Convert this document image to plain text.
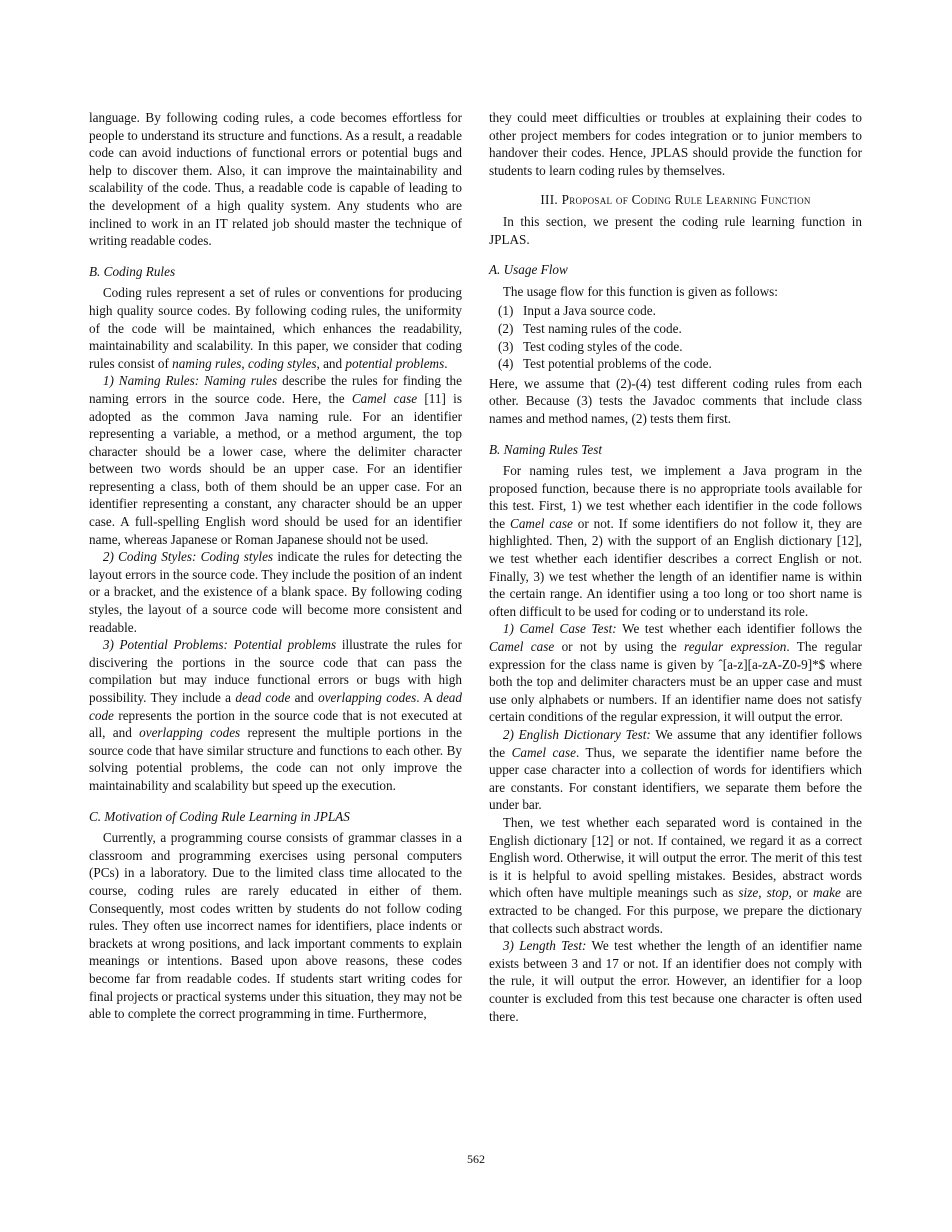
language. By following coding rules, a code becomes effortless for people to understand its structure and functions. As a result, a readable code can avoid inductions of functional errors or potential bugs and help to discover them. Also, it can improve the maintainability and scalability of the code. Thus, a readable code is capable of leading to the development of a high quality system. Any students who are inclined to work in an IT related job should master the technique of writing readable codes.

B. Coding Rules

Coding rules represent a set of rules or conventions for producing high quality source codes. By following coding rules, the uniformity of the code will be maintained, which enhances the readability, maintainability and scalability. In this paper, we consider that coding rules consist of naming rules, coding styles, and potential problems.

1) Naming Rules: Naming rules describe the rules for finding the naming errors in the source code. Here, the Camel case [11] is adopted as the common Java naming rule. For an identifier representing a variable, a method, or a method argument, the top character should be a lower case, where the delimiter character between two words should be an upper case. For an identifier representing a class, both of them should be an upper case. For an identifier representing a constant, any character should be an upper case. A full-spelling English word should be used for an identifier name, whereas Japanese or Roman Japanese should not be used.

2) Coding Styles: Coding styles indicate the rules for detecting the layout errors in the source code. They include the position of an indent or a bracket, and the existence of a blank space. By following coding styles, the layout of a source code will become more consistent and readable.

3) Potential Problems: Potential problems illustrate the rules for discivering the portions in the source code that can pass the compilation but may induce functional errors or bugs with high possibility. They include a dead code and overlapping codes. A dead code represents the portion in the source code that is not executed at all, and overlapping codes represent the multiple portions in the source code that have similar structure and functions to each other. By solving potential problems, the code can not only improve the maintainability and scalability but speed up the execution.

C. Motivation of Coding Rule Learning in JPLAS

Currently, a programming course consists of grammar classes in a classroom and programming exercises using personal computers (PCs) in a laboratory. Due to the limited class time allocated to the course, coding rules are rarely educated in either of them. Consequently, most codes written by students do not follow coding rules. They often use incorrect names for identifiers, place indents or brackets at wrong positions, and lack important comments to explain meanings or intentions. Based upon above reasons, these codes become far from readable codes. If students start writing codes for final projects or practical systems under this situation, they may not be able to complete the correct programming in time. Furthermore,

they could meet difficulties or troubles at explaining their codes to other project members for codes integration or to junior members to handover their codes. Hence, JPLAS should provide the function for students to learn coding rules by themselves.

III. Proposal of Coding Rule Learning Function

In this section, we present the coding rule learning function in JPLAS.

A. Usage Flow

The usage flow for this function is given as follows:

(1) Input a Java source code.
(2) Test naming rules of the code.
(3) Test coding styles of the code.
(4) Test potential problems of the code.

Here, we assume that (2)-(4) test different coding rules from each other. Because (3) tests the Javadoc comments that include class names and method names, (2) tests them first.

B. Naming Rules Test

For naming rules test, we implement a Java program in the proposed function, because there is no appropriate tools available for this test. First, 1) we test whether each identifier in the code follows the Camel case or not. If some identifiers do not follow it, they are highlighted. Then, 2) with the support of an English dictionary [12], we test whether each identifier describes a correct English or not. Finally, 3) we test whether the length of an identifier name is within the certain range. An identifier using a too long or too short name is often difficult to be used for coding or to understand its role.

1) Camel Case Test: We test whether each identifier follows the Camel case or not by using the regular expression. The regular expression for the class name is given by ˆ[a-z][a-zA-Z0-9]*$ where both the top and delimiter characters must be an upper case and must use only alphabets or numbers. If an identifier name does not satisfy certain conditions of the regular expression, it will output the error.

2) English Dictionary Test: We assume that any identifier follows the Camel case. Thus, we separate the identifier name before the upper case character into a collection of words for identifiers which are constants. For constant identifiers, we separate them before the under bar.

Then, we test whether each separated word is contained in the English dictionary [12] or not. If contained, we regard it as a correct English word. Otherwise, it will output the error. The merit of this test is it is helpful to avoid spelling mistakes. Besides, abstract words which often have multiple meanings such as size, stop, or make are extracted to be changed. For this purpose, we prepare the dictionary that collects such abstract words.

3) Length Test: We test whether the length of an identifier name exists between 3 and 17 or not. If an identifier does not comply with the rule, it will output the error. However, an identifier for a loop counter is excluded from this test because one character is often used there.

562
